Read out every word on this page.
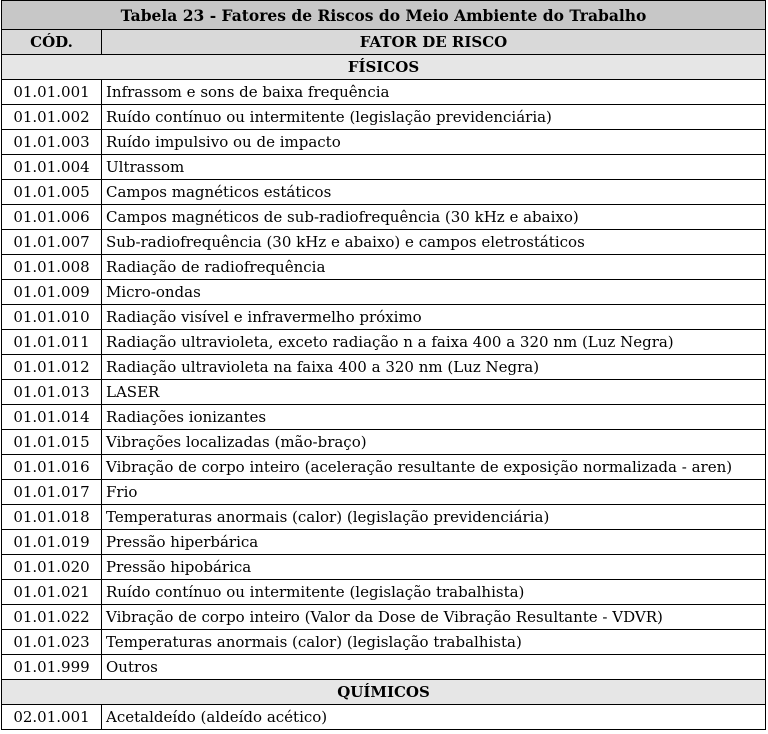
Tabela 23 - Fatores de Riscos do Meio Ambiente do Trabalho	
CÓD.	FATOR DE RISCO
FÍSICOS	
01.01.001	Infrassom e sons de baixa frequência
01.01.002	Ruído contínuo ou intermitente (legislação previdenciária)
01.01.003	Ruído impulsivo ou de impacto
01.01.004	Ultrassom
01.01.005	Campos magnéticos estáticos
01.01.006	Campos magnéticos de sub-radiofrequência (30 kHz e abaixo)
01.01.007	Sub-radiofrequência (30 kHz e abaixo) e campos eletrostáticos
01.01.008	Radiação de radiofrequência
01.01.009	Micro-ondas
01.01.010	Radiação visível e infravermelho próximo
01.01.011	Radiação ultravioleta, exceto radiação n a faixa 400 a 320 nm (Luz Negra)
01.01.012	Radiação ultravioleta na faixa 400 a 320 nm (Luz Negra)
01.01.013	LASER
01.01.014	Radiações ionizantes
01.01.015	Vibrações localizadas (mão-braço)
01.01.016	Vibração de corpo inteiro (aceleração resultante de exposição normalizada - aren)
01.01.017	Frio
01.01.018	Temperaturas anormais (calor) (legislação previdenciária)
01.01.019	Pressão hiperbárica
01.01.020	Pressão hipobárica
01.01.021	Ruído contínuo ou intermitente (legislação trabalhista)
01.01.022	Vibração de corpo inteiro (Valor da Dose de Vibração Resultante - VDVR)
01.01.023	Temperaturas anormais (calor) (legislação trabalhista)
01.01.999	Outros
QUÍMICOS	
02.01.001	Acetaldeído (aldeído acético)
